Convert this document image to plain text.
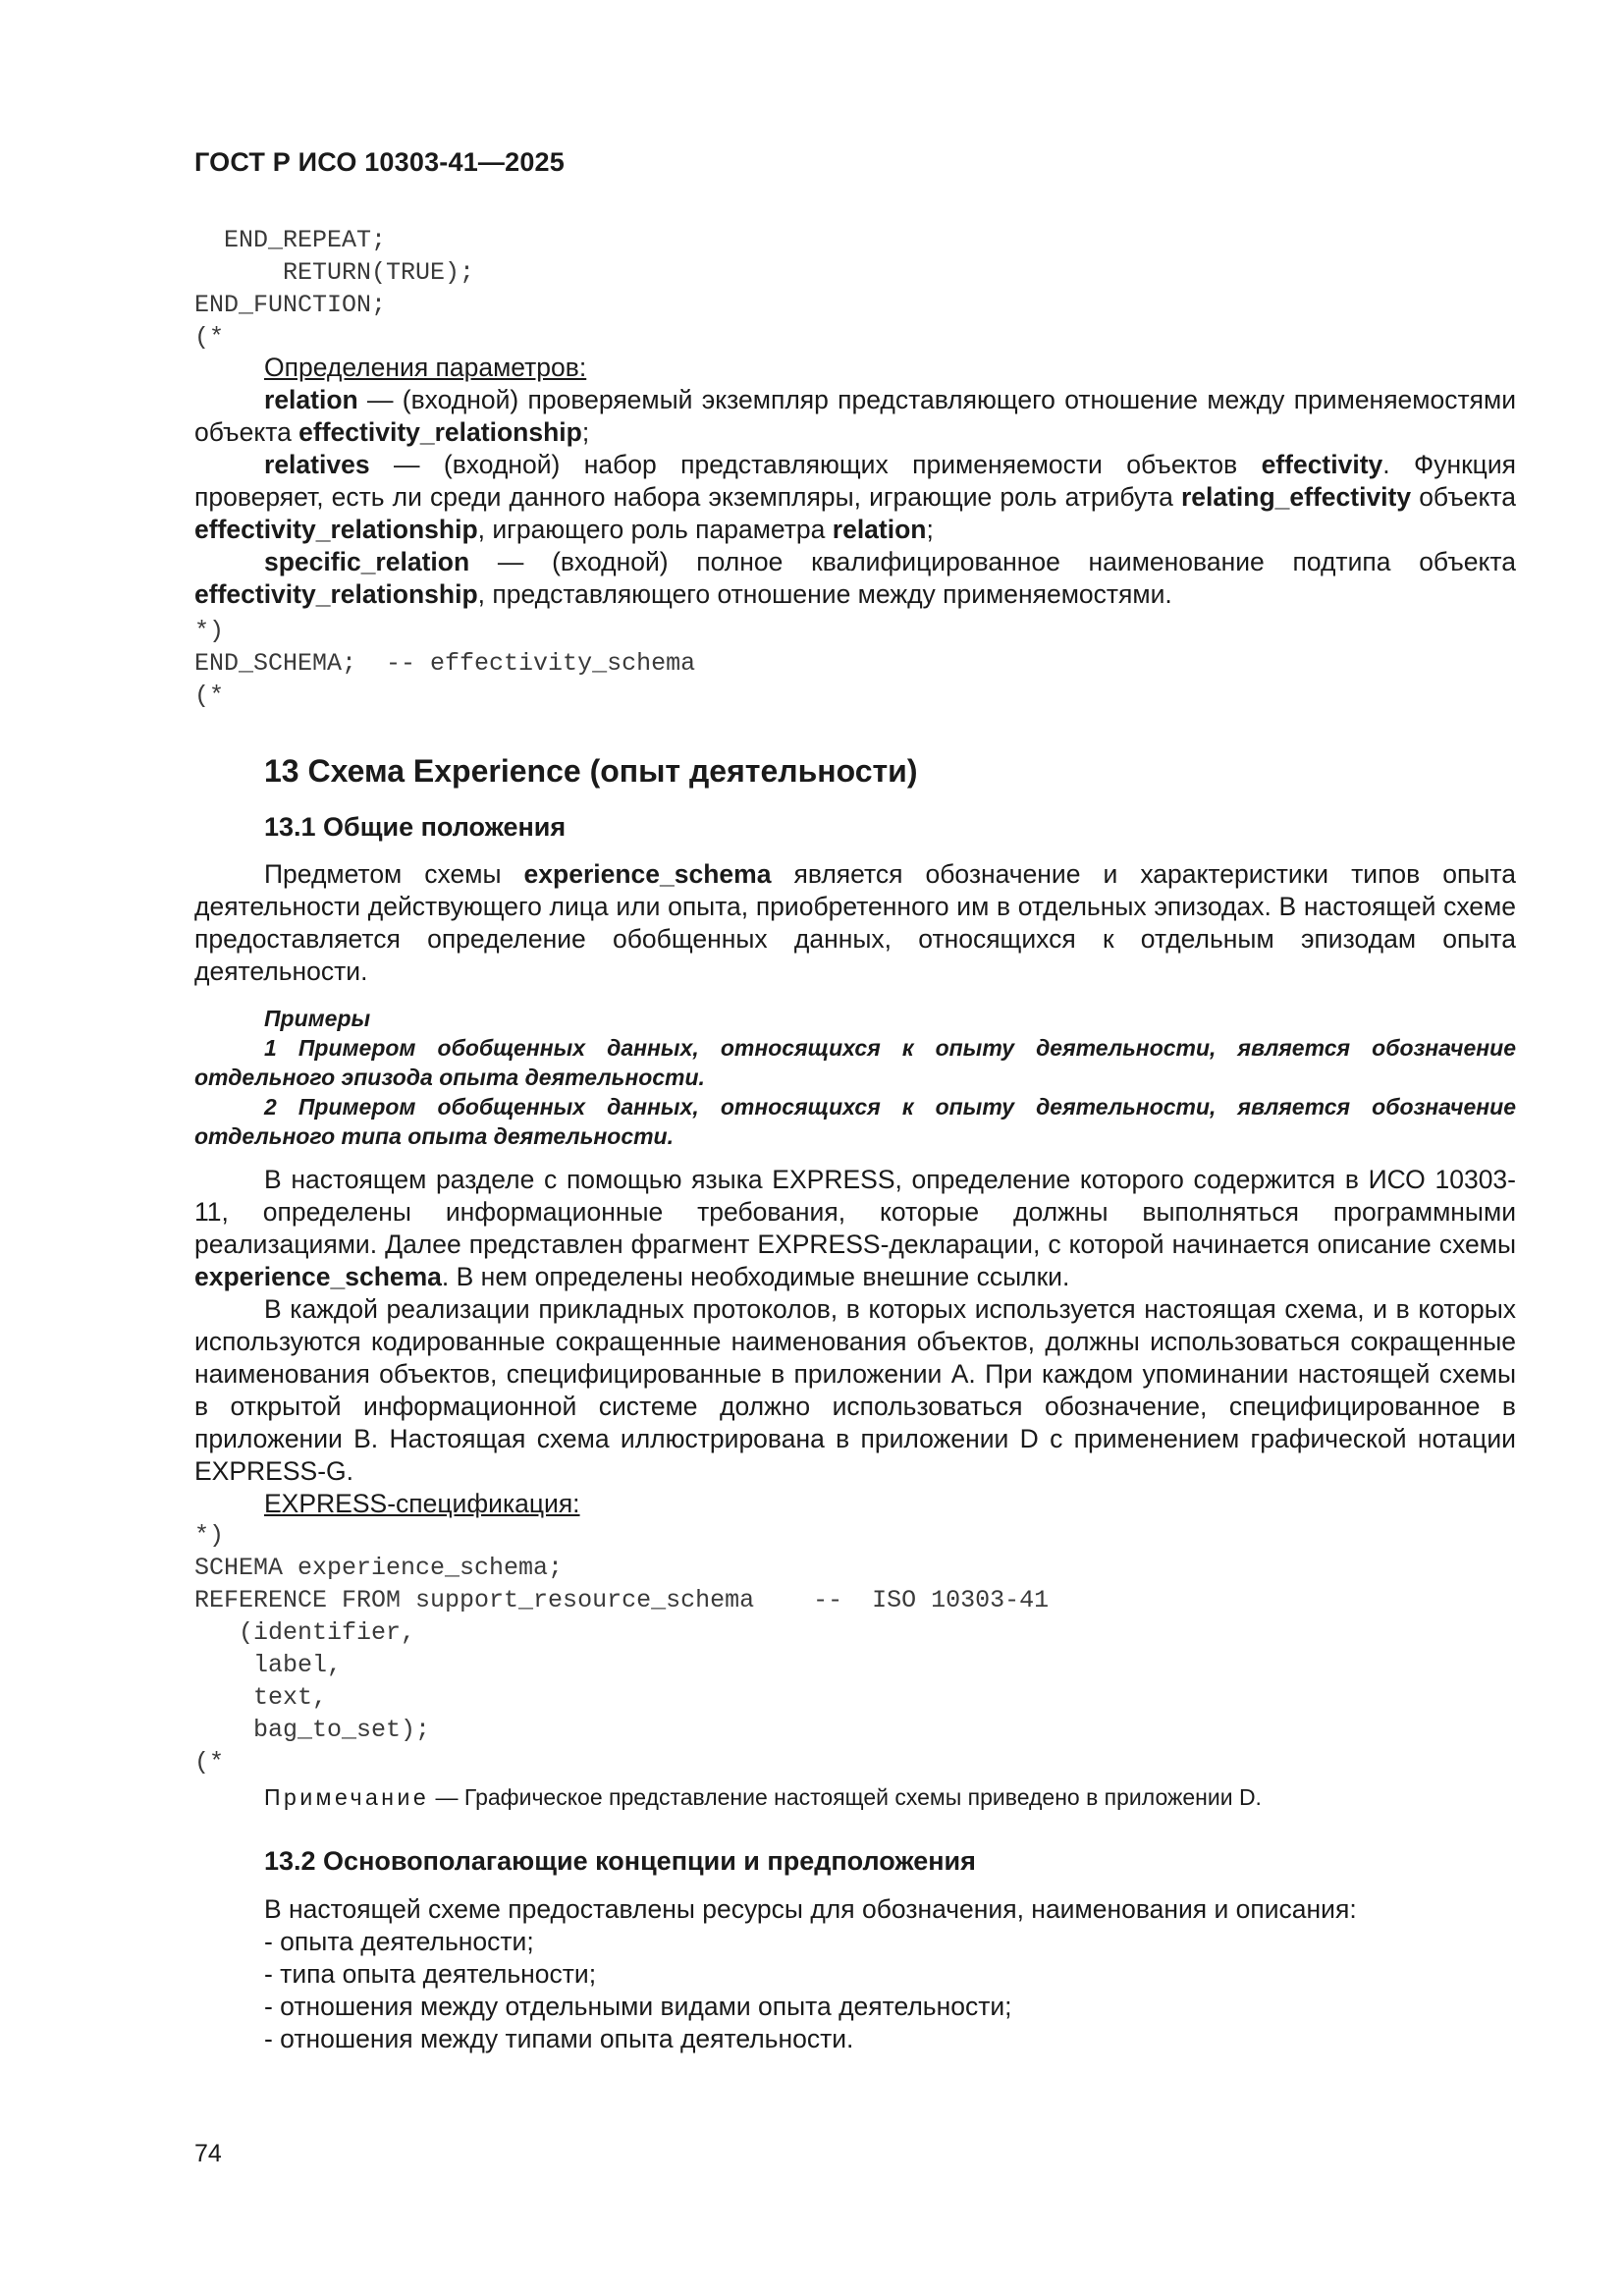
ГОСТ Р ИСО 10303-41—2025
END_REPEAT;
RETURN(TRUE);
END_FUNCTION;
(*

Определения параметров:

relation — (входной) проверяемый экземпляр представляющего отношение между применяемостями объекта effectivity_relationship;

relatives — (входной) набор представляющих применяемости объектов effectivity. Функция проверяет, есть ли среди данного набора экземпляры, играющие роль атрибута relating_effectivity объекта effectivity_relationship, играющего роль параметра relation;

specific_relation — (входной) полное квалифицированное наименование подтипа объекта effectivity_relationship, представляющего отношение между применяемостями.

*)
END_SCHEMA;  -- effectivity_schema
(*
13 Схема Experience (опыт деятельности)
13.1 Общие положения

Предметом схемы experience_schema является обозначение и характеристики типов опыта деятельности действующего лица или опыта, приобретенного им в отдельных эпизодах. В настоящей схеме предоставляется определение обобщенных данных, относящихся к отдельным эпизодам опыта деятельности.

Примеры

1 Примером обобщенных данных, относящихся к опыту деятельности, является обозначение отдельного эпизода опыта деятельности.

2 Примером обобщенных данных, относящихся к опыту деятельности, является обозначение отдельного типа опыта деятельности.

В настоящем разделе с помощью языка EXPRESS, определение которого содержится в ИСО 10303-11, определены информационные требования, которые должны выполняться программными реализациями. Далее представлен фрагмент EXPRESS-декларации, с которой начинается описание схемы experience_schema. В нем определены необходимые внешние ссылки.

В каждой реализации прикладных протоколов, в которых используется настоящая схема, и в которых используются кодированные сокращенные наименования объектов, должны использоваться сокращенные наименования объектов, специфицированные в приложении А. При каждом упоминании настоящей схемы в открытой информационной системе должно использоваться обозначение, специфицированное в приложении В. Настоящая схема иллюстрирована в приложении D с применением графической нотации EXPRESS-G.

EXPRESS-спецификация:

*)
SCHEMA experience_schema;
REFERENCE FROM support_resource_schema    --  ISO 10303-41
(identifier,
label,
text,
bag_to_set);
(*
Примечание — Графическое представление настоящей схемы приведено в приложении D.
13.2 Основополагающие концепции и предположения
В настоящей схеме предоставлены ресурсы для обозначения, наименования и описания:
- опыта деятельности;
- типа опыта деятельности;
- отношения между отдельными видами опыта деятельности;
- отношения между типами опыта деятельности.
74
